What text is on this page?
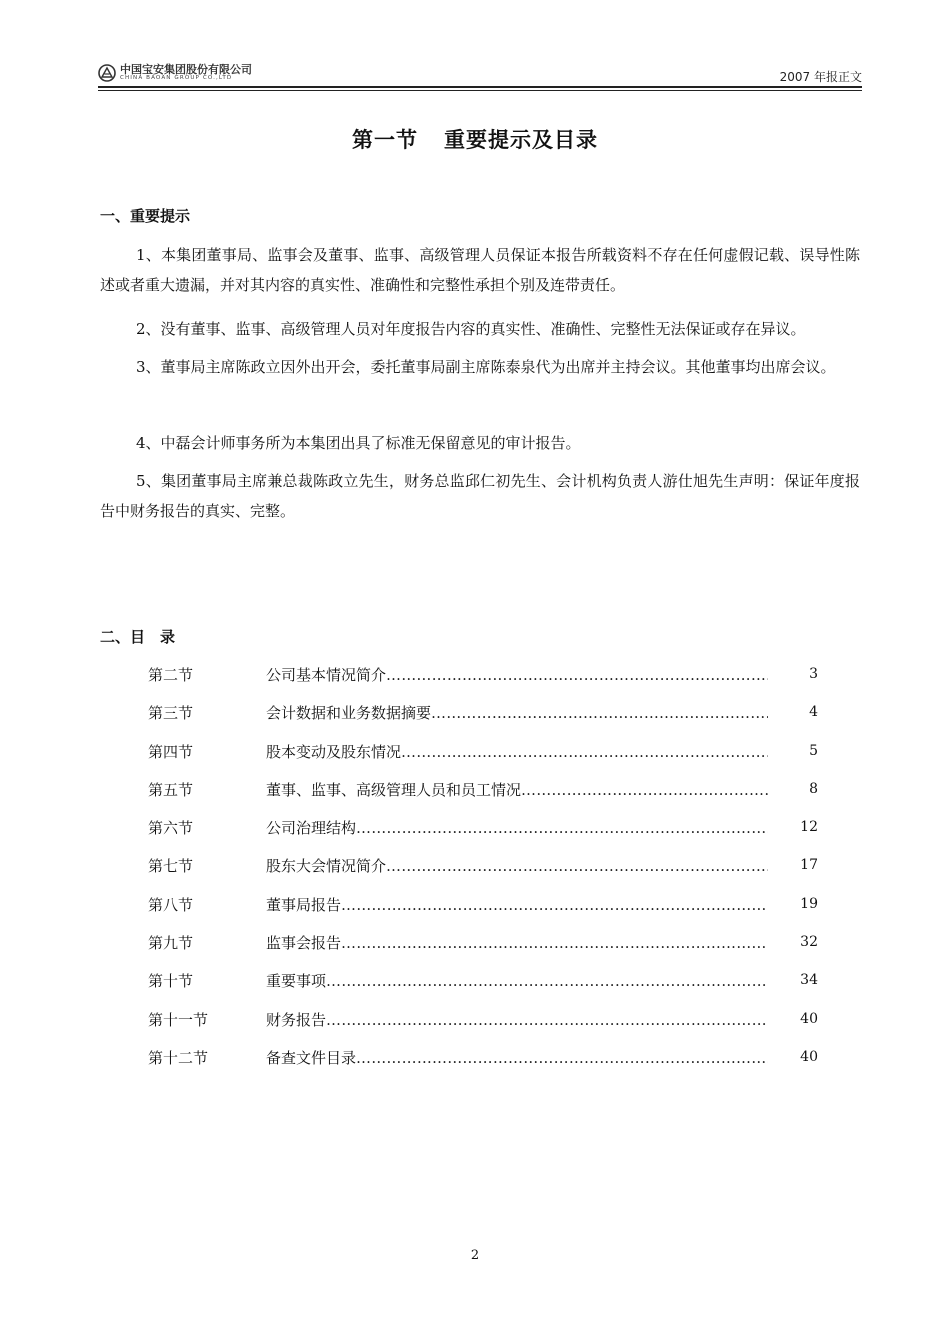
中国宝安集团股份有限公司
CHINA BAOAN GROUP CO.,LTD	2007 年报正文
第一节 重要提示及目录
一、重要提示

1、本集团董事局、监事会及董事、监事、高级管理人员保证本报告所载资料不存在任何虚假记载、误导性陈述或者重大遗漏，并对其内容的真实性、准确性和完整性承担个别及连带责任。

2、没有董事、监事、高级管理人员对年度报告内容的真实性、准确性、完整性无法保证或存在异议。

3、董事局主席陈政立因外出开会，委托董事局副主席陈泰泉代为出席并主持会议。其他董事均出席会议。

4、中磊会计师事务所为本集团出具了标准无保留意见的审计报告。

5、集团董事局主席兼总裁陈政立先生，财务总监邱仁初先生、会计机构负责人游仕旭先生声明：保证年度报告中财务报告的真实、完整。

二、目　录
第二节	公司基本情况简介 …………………………………………………………………………………………………………	3
第三节	会计数据和业务数据摘要 …………………………………………………………………………………………………………	4
第四节	股本变动及股东情况 …………………………………………………………………………………………………………	5
第五节	董事、监事、高级管理人员和员工情况 …………………………………………………………………………………………………………	8
第六节	公司治理结构 …………………………………………………………………………………………………………	12
第七节	股东大会情况简介 …………………………………………………………………………………………………………	17
第八节	董事局报告 …………………………………………………………………………………………………………	19
第九节	监事会报告 …………………………………………………………………………………………………………	32
第十节	重要事项 …………………………………………………………………………………………………………	34
第十一节	财务报告 …………………………………………………………………………………………………………	40
第十二节	备查文件目录 …………………………………………………………………………………………………………	40
2
